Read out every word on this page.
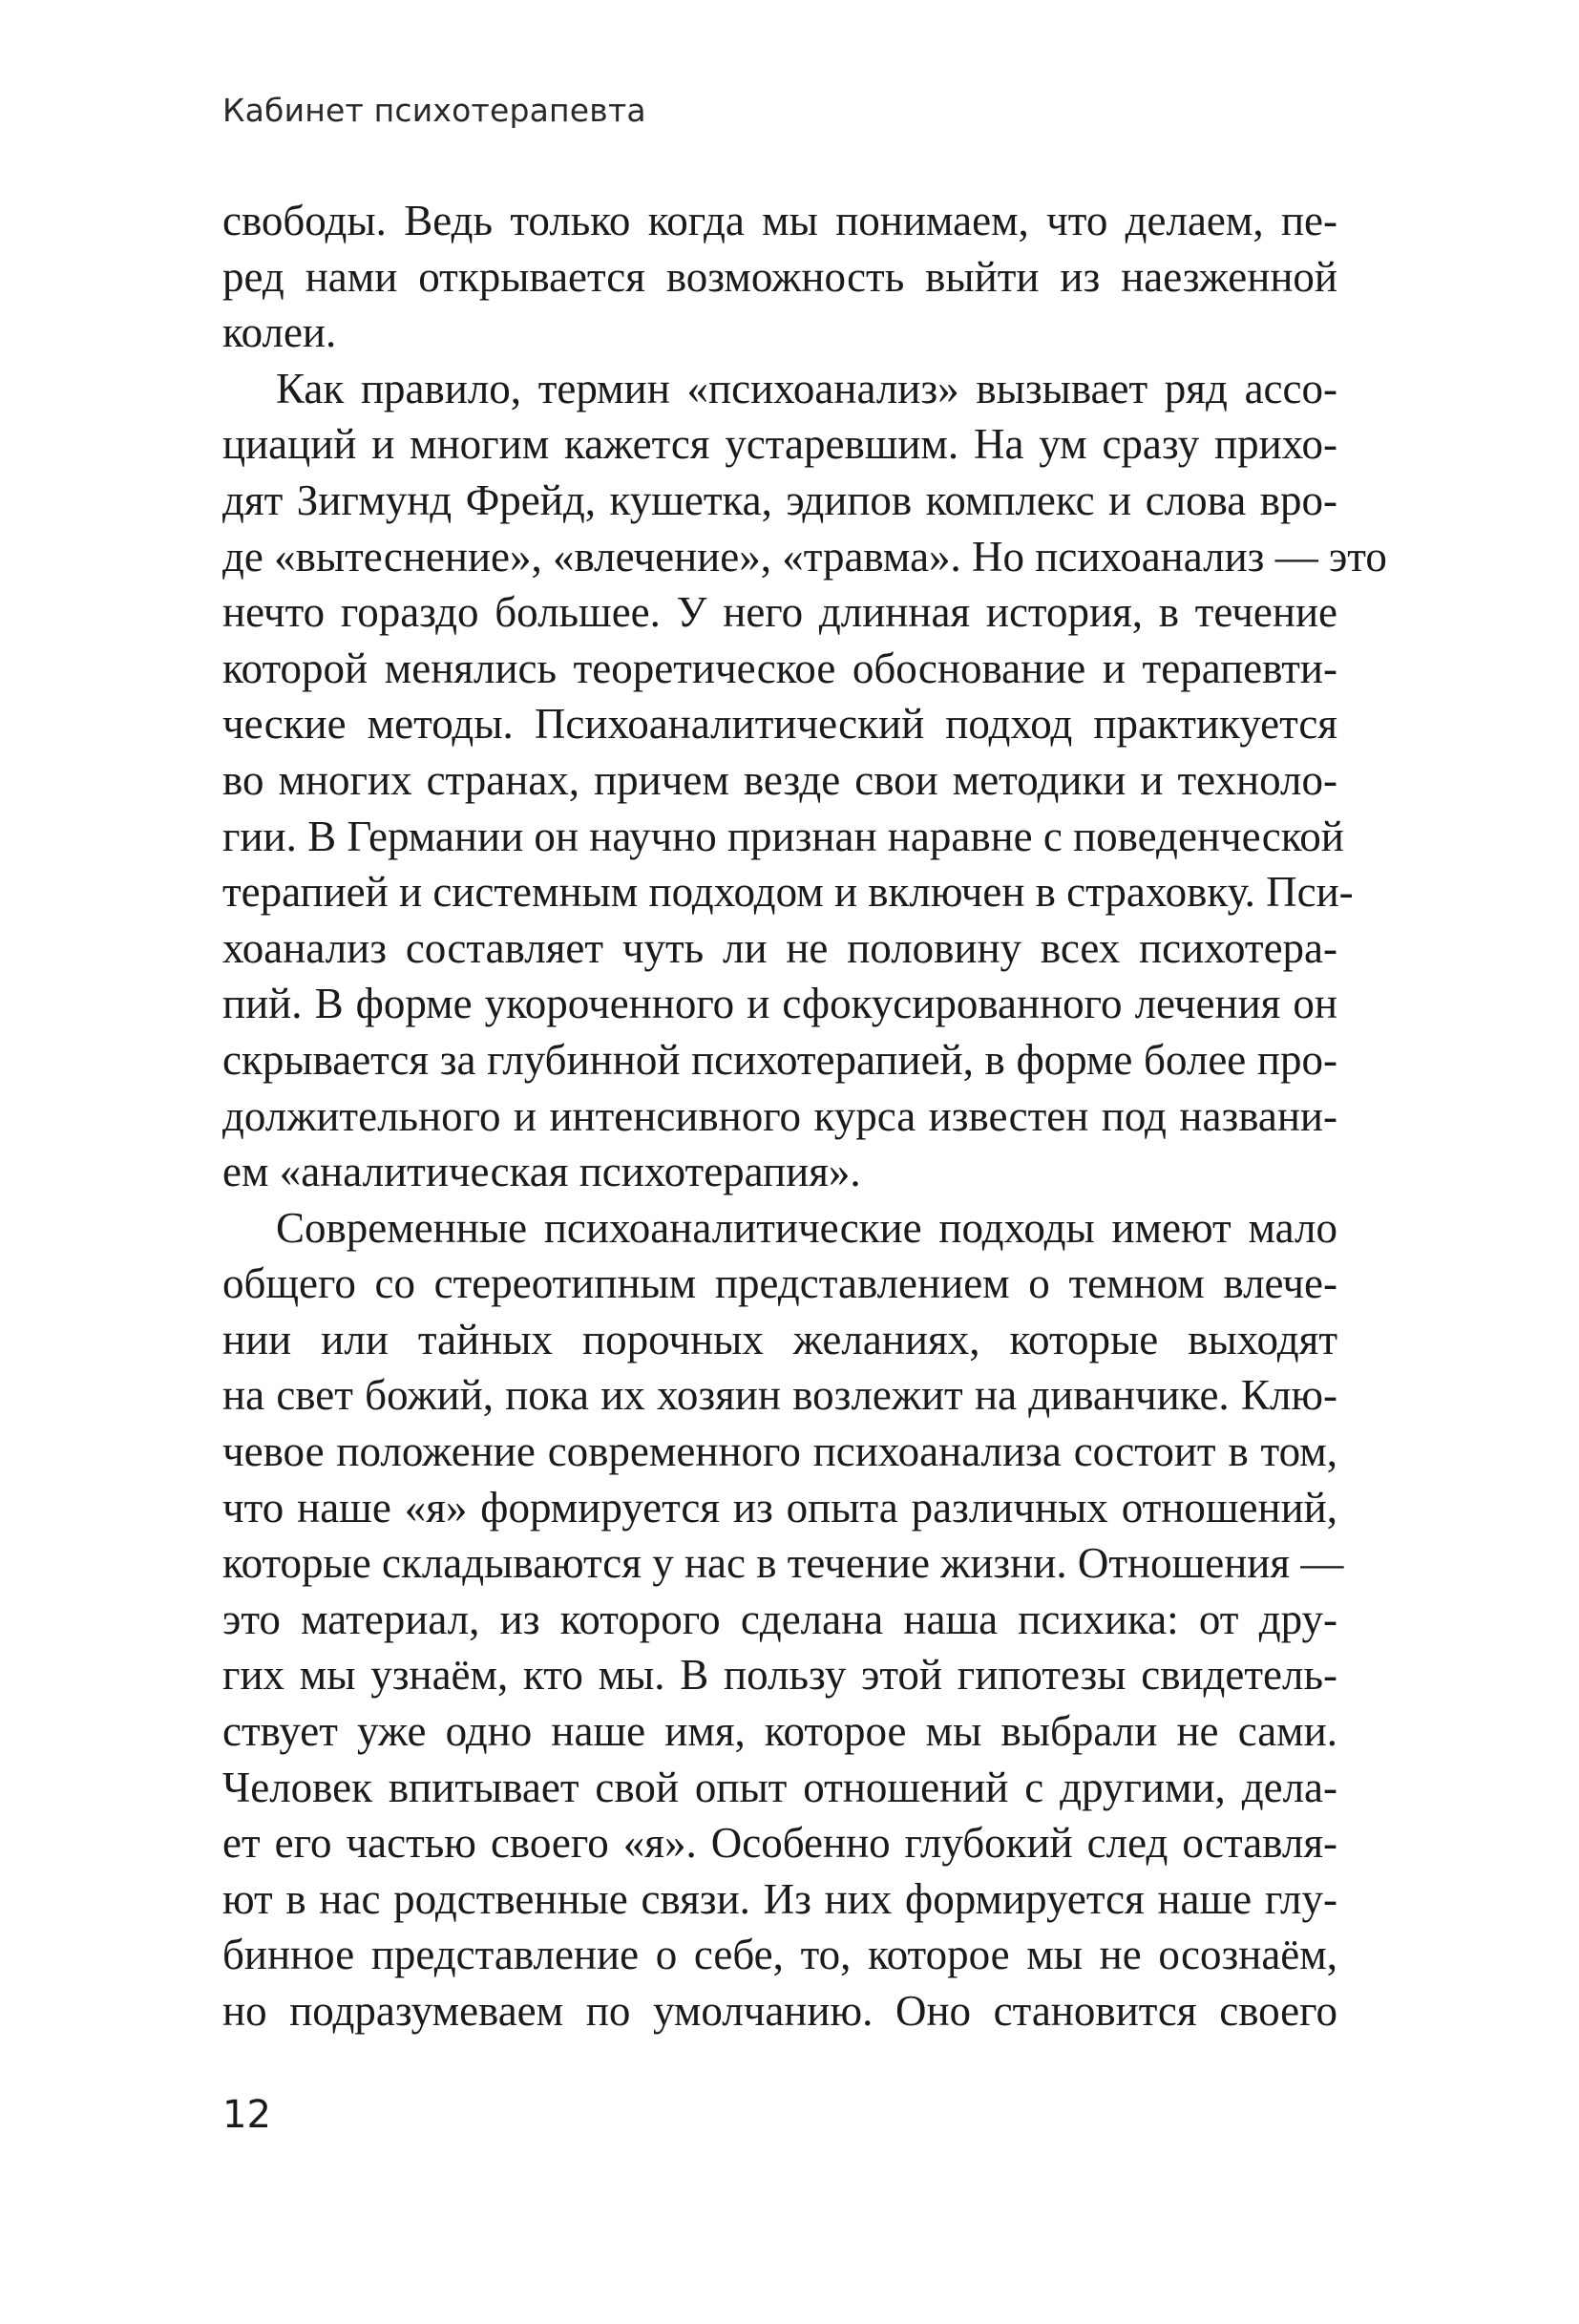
Кабинет психотерапевта
свободы. Ведь только когда мы понимаем, что делаем, пе-
ред нами открывается возможность выйти из наезженной
колеи.
Как правило, термин «психоанализ» вызывает ряд ассо-
циаций и многим кажется устаревшим. На ум сразу прихо-
дят Зигмунд Фрейд, кушетка, эдипов комплекс и слова вро-
де «вытеснение», «влечение», «травма». Но психоанализ — это
нечто гораздо большее. У него длинная история, в течение
которой менялись теоретическое обоснование и терапевти-
ческие методы. Психоаналитический подход практикуется
во многих странах, причем везде свои методики и техноло-
гии. В Германии он научно признан наравне с поведенческой
терапией и системным подходом и включен в страховку. Пси-
хоанализ составляет чуть ли не половину всех психотера-
пий. В форме укороченного и сфокусированного лечения он
скрывается за глубинной психотерапией, в форме более про-
должительного и интенсивного курса известен под названи-
ем «аналитическая психотерапия».
Современные психоаналитические подходы имеют мало
общего со стереотипным представлением о темном влече-
нии или тайных порочных желаниях, которые выходят
на свет божий, пока их хозяин возлежит на диванчике. Клю-
чевое положение современного психоанализа состоит в том,
что наше «я» формируется из опыта различных отношений,
которые складываются у нас в течение жизни. Отношения —
это материал, из которого сделана наша психика: от дру-
гих мы узнаём, кто мы. В пользу этой гипотезы свидетель-
ствует уже одно наше имя, которое мы выбрали не сами.
Человек впитывает свой опыт отношений с другими, дела-
ет его частью своего «я». Особенно глубокий след оставля-
ют в нас родственные связи. Из них формируется наше глу-
бинное представление о себе, то, которое мы не осознаём,
но подразумеваем по умолчанию. Оно становится своего
12
